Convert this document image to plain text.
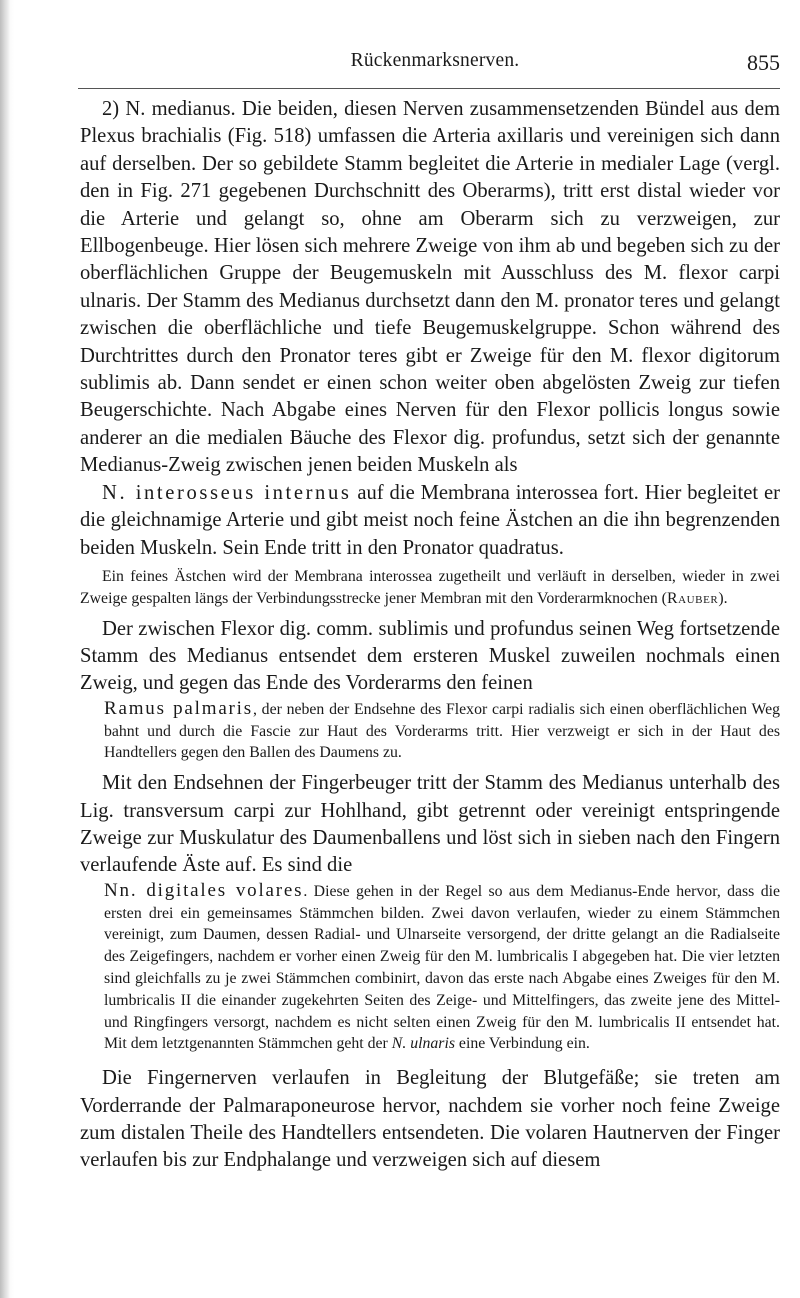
Rückenmarksnerven.	855

2) N. medianus. Die beiden, diesen Nerven zusammensetzenden Bündel aus dem Plexus brachialis (Fig. 518) umfassen die Arteria axillaris und vereinigen sich dann auf derselben. Der so gebildete Stamm begleitet die Arterie in medialer Lage (vergl. den in Fig. 271 gegebenen Durchschnitt des Oberarms), tritt erst distal wieder vor die Arterie und gelangt so, ohne am Oberarm sich zu verzweigen, zur Ellbogenbeuge. Hier lösen sich mehrere Zweige von ihm ab und begeben sich zu der oberflächlichen Gruppe der Beugemuskeln mit Ausschluss des M. flexor carpi ulnaris. Der Stamm des Medianus durchsetzt dann den M. pronator teres und gelangt zwischen die oberflächliche und tiefe Beugemuskelgruppe. Schon während des Durchtrittes durch den Pronator teres gibt er Zweige für den M. flexor digitorum sublimis ab. Dann sendet er einen schon weiter oben abgelösten Zweig zur tiefen Beugerschichte. Nach Abgabe eines Nerven für den Flexor pollicis longus sowie anderer an die medialen Bäuche des Flexor dig. profundus, setzt sich der genannte Medianus-Zweig zwischen jenen beiden Muskeln als

N. interosseus internus auf die Membrana interossea fort. Hier begleitet er die gleichnamige Arterie und gibt meist noch feine Ästchen an die ihn begrenzenden beiden Muskeln. Sein Ende tritt in den Pronator quadratus.

Ein feines Ästchen wird der Membrana interossea zugetheilt und verläuft in derselben, wieder in zwei Zweige gespalten längs der Verbindungsstrecke jener Membran mit den Vorderarmknochen (Rauber).

Der zwischen Flexor dig. comm. sublimis und profundus seinen Weg fortsetzende Stamm des Medianus entsendet dem ersteren Muskel zuweilen nochmals einen Zweig, und gegen das Ende des Vorderarms den feinen

Ramus palmaris, der neben der Endsehne des Flexor carpi radialis sich einen oberflächlichen Weg bahnt und durch die Fascie zur Haut des Vorderarms tritt. Hier verzweigt er sich in der Haut des Handtellers gegen den Ballen des Daumens zu.

Mit den Endsehnen der Fingerbeuger tritt der Stamm des Medianus unterhalb des Lig. transversum carpi zur Hohlhand, gibt getrennt oder vereinigt entspringende Zweige zur Muskulatur des Daumenballens und löst sich in sieben nach den Fingern verlaufende Äste auf. Es sind die

Nn. digitales volares. Diese gehen in der Regel so aus dem Medianus-Ende hervor, dass die ersten drei ein gemeinsames Stämmchen bilden. Zwei davon verlaufen, wieder zu einem Stämmchen vereinigt, zum Daumen, dessen Radial- und Ulnarseite versorgend, der dritte gelangt an die Radialseite des Zeigefingers, nachdem er vorher einen Zweig für den M. lumbricalis I abgegeben hat. Die vier letzten sind gleichfalls zu je zwei Stämmchen combinirt, davon das erste nach Abgabe eines Zweiges für den M. lumbricalis II die einander zugekehrten Seiten des Zeige- und Mittelfingers, das zweite jene des Mittel- und Ringfingers versorgt, nachdem es nicht selten einen Zweig für den M. lumbricalis II entsendet hat. Mit dem letztgenannten Stämmchen geht der N. ulnaris eine Verbindung ein.

Die Fingernerven verlaufen in Begleitung der Blutgefäße; sie treten am Vorderrande der Palmaraponeurose hervor, nachdem sie vorher noch feine Zweige zum distalen Theile des Handtellers entsendeten. Die volaren Hautnerven der Finger verlaufen bis zur Endphalange und verzweigen sich auf diesem
